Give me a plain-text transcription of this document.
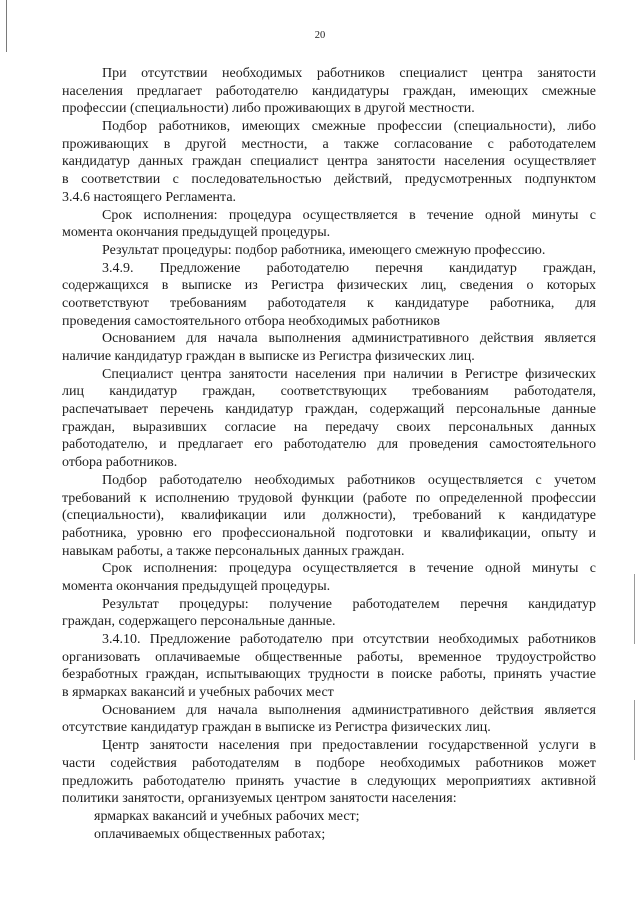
20
При отсутствии необходимых работников специалист центра занятости
населения предлагает работодателю кандидатуры граждан, имеющих смежные
профессии (специальности) либо проживающих в другой местности.
Подбор работников, имеющих смежные профессии (специальности), либо
проживающих в другой местности, а также согласование с работодателем
кандидатур данных граждан специалист центра занятости населения осуществляет
в соответствии с последовательностью действий, предусмотренных подпунктом
3.4.6 настоящего Регламента.
Срок исполнения: процедура осуществляется в течение одной минуты с
момента окончания предыдущей процедуры.
Результат процедуры: подбор работника, имеющего смежную профессию.
3.4.9. Предложение работодателю перечня кандидатур граждан,
содержащихся в выписке из Регистра физических лиц, сведения о которых
соответствуют требованиям работодателя к кандидатуре работника, для
проведения самостоятельного отбора необходимых работников
Основанием для начала выполнения административного действия является
наличие кандидатур граждан в выписке из Регистра физических лиц.
Специалист центра занятости населения при наличии в Регистре физических
лиц кандидатур граждан, соответствующих требованиям работодателя,
распечатывает перечень кандидатур граждан, содержащий персональные данные
граждан, выразивших согласие на передачу своих персональных данных
работодателю, и предлагает его работодателю для проведения самостоятельного
отбора работников.
Подбор работодателю необходимых работников осуществляется с учетом
требований к исполнению трудовой функции (работе по определенной профессии
(специальности), квалификации или должности), требований к кандидатуре
работника, уровню его профессиональной подготовки и квалификации, опыту и
навыкам работы, а также персональных данных граждан.
Срок исполнения: процедура осуществляется в течение одной минуты с
момента окончания предыдущей процедуры.
Результат процедуры: получение работодателем перечня кандидатур
граждан, содержащего персональные данные.
3.4.10. Предложение работодателю при отсутствии необходимых работников
организовать оплачиваемые общественные работы, временное трудоустройство
безработных граждан, испытывающих трудности в поиске работы, принять участие
в ярмарках вакансий и учебных рабочих мест
Основанием для начала выполнения административного действия является
отсутствие кандидатур граждан в выписке из Регистра физических лиц.
Центр занятости населения при предоставлении государственной услуги в
части содействия работодателям в подборе необходимых работников может
предложить работодателю принять участие в следующих мероприятиях активной
политики занятости, организуемых центром занятости населения:
ярмарках вакансий и учебных рабочих мест;
оплачиваемых общественных работах;
